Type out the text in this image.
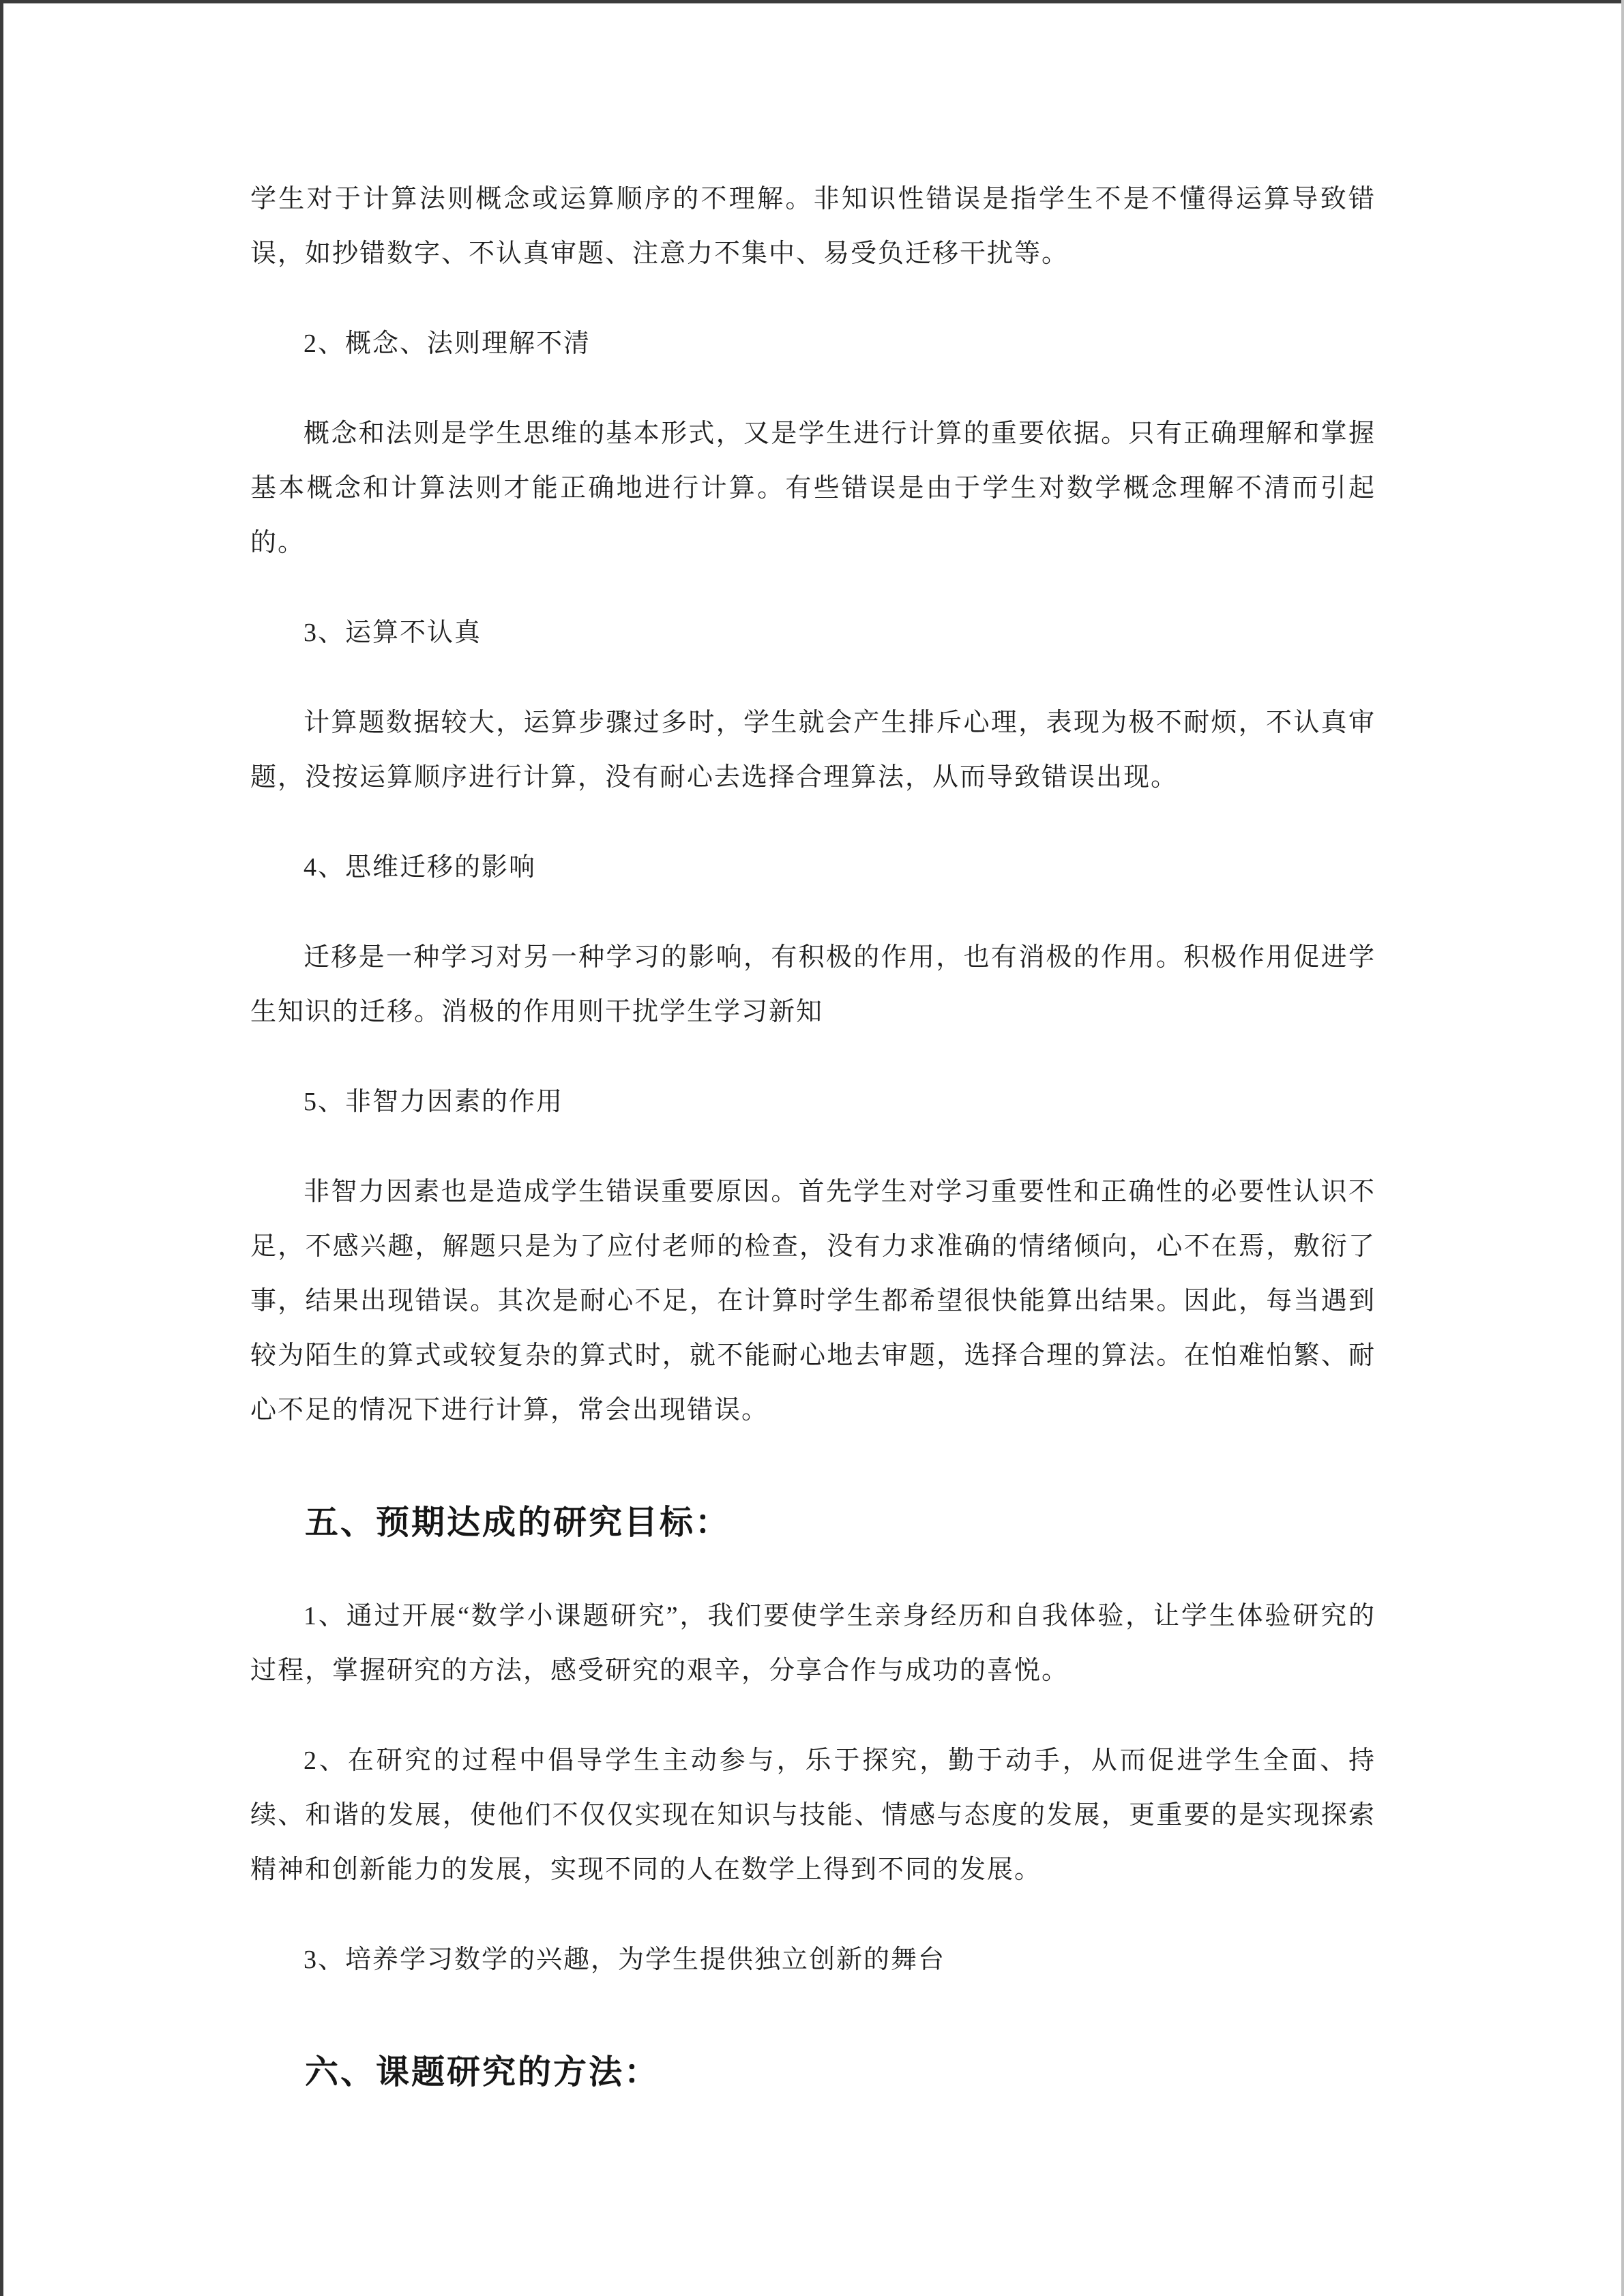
学生对于计算法则概念或运算顺序的不理解。非知识性错误是指学生不是不懂得运算导致错误，如抄错数字、不认真审题、注意力不集中、易受负迁移干扰等。

2、概念、法则理解不清

概念和法则是学生思维的基本形式，又是学生进行计算的重要依据。只有正确理解和掌握基本概念和计算法则才能正确地进行计算。有些错误是由于学生对数学概念理解不清而引起的。

3、运算不认真

计算题数据较大，运算步骤过多时，学生就会产生排斥心理，表现为极不耐烦，不认真审题，没按运算顺序进行计算，没有耐心去选择合理算法，从而导致错误出现。

4、思维迁移的影响

迁移是一种学习对另一种学习的影响，有积极的作用，也有消极的作用。积极作用促进学生知识的迁移。消极的作用则干扰学生学习新知

5、非智力因素的作用

非智力因素也是造成学生错误重要原因。首先学生对学习重要性和正确性的必要性认识不足，不感兴趣，解题只是为了应付老师的检查，没有力求准确的情绪倾向，心不在焉，敷衍了事，结果出现错误。其次是耐心不足，在计算时学生都希望很快能算出结果。因此，每当遇到较为陌生的算式或较复杂的算式时，就不能耐心地去审题，选择合理的算法。在怕难怕繁、耐心不足的情况下进行计算，常会出现错误。

五、预期达成的研究目标：

1、通过开展“数学小课题研究”，我们要使学生亲身经历和自我体验，让学生体验研究的过程，掌握研究的方法，感受研究的艰辛，分享合作与成功的喜悦。

2、在研究的过程中倡导学生主动参与，乐于探究，勤于动手，从而促进学生全面、持续、和谐的发展，使他们不仅仅实现在知识与技能、情感与态度的发展，更重要的是实现探索精神和创新能力的发展，实现不同的人在数学上得到不同的发展。

3、培养学习数学的兴趣，为学生提供独立创新的舞台

六、课题研究的方法：
